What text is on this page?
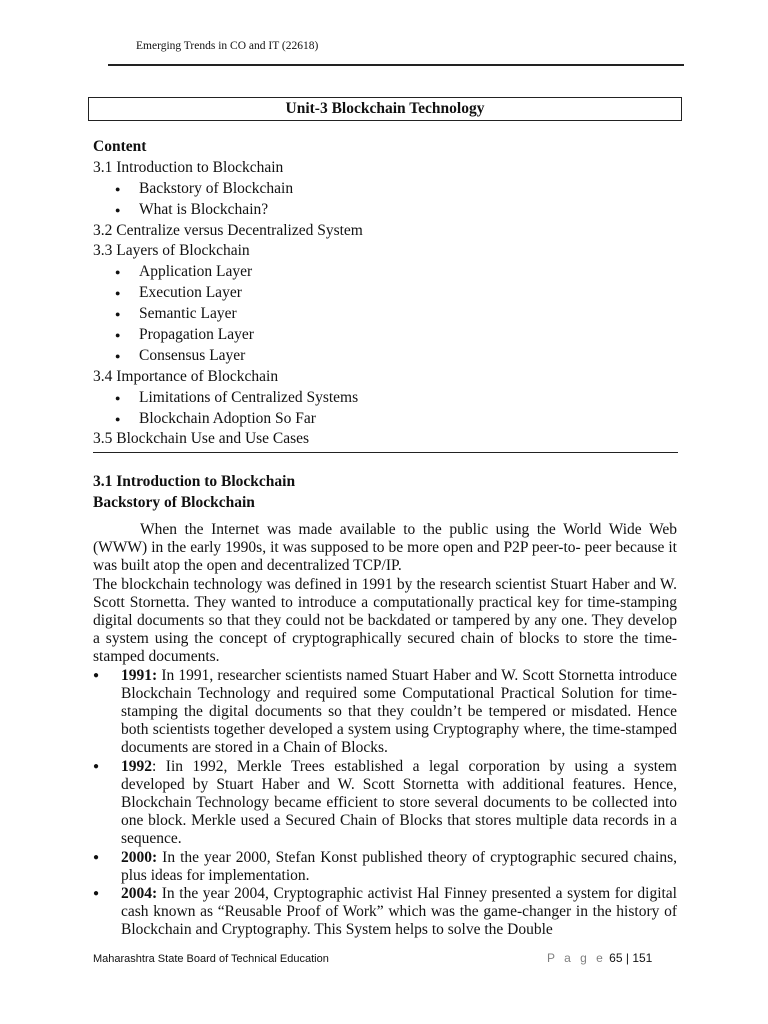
Emerging Trends in CO and IT (22618)
Unit-3 Blockchain Technology
Content
3.1 Introduction to Blockchain
● Backstory of Blockchain
● What is Blockchain?
3.2 Centralize versus Decentralized System
3.3 Layers of Blockchain
● Application Layer
● Execution Layer
● Semantic Layer
● Propagation Layer
● Consensus Layer
3.4 Importance of Blockchain
● Limitations of Centralized Systems
● Blockchain Adoption So Far
3.5 Blockchain Use and Use Cases
3.1 Introduction to Blockchain
Backstory of Blockchain

When the Internet was made available to the public using the World Wide Web (WWW) in the early 1990s, it was supposed to be more open and P2P peer-to- peer because it was built atop the open and decentralized TCP/IP.

The blockchain technology was defined in 1991 by the research scientist Stuart Haber and W. Scott Stornetta. They wanted to introduce a computationally practical key for time-stamping digital documents so that they could not be backdated or tampered by any one. They develop a system using the concept of cryptographically secured chain of blocks to store the time-stamped documents.

● 1991: In 1991, researcher scientists named Stuart Haber and W. Scott Stornetta introduce Blockchain Technology and required some Computational Practical Solution for time-stamping the digital documents so that they couldn’t be tempered or misdated. Hence both scientists together developed a system using Cryptography where, the time-stamped documents are stored in a Chain of Blocks.
● 1992: Iin 1992, Merkle Trees established a legal corporation by using a system developed by Stuart Haber and W. Scott Stornetta with additional features. Hence, Blockchain Technology became efficient to store several documents to be collected into one block. Merkle used a Secured Chain of Blocks that stores multiple data records in a sequence.
● 2000: In the year 2000, Stefan Konst published theory of cryptographic secured chains, plus ideas for implementation.
● 2004: In the year 2004, Cryptographic activist Hal Finney presented a system for digital cash known as “Reusable Proof of Work” which was the game-changer in the history of Blockchain and Cryptography. This System helps to solve the Double
Maharashtra State Board of Technical Education	P a g e 65 | 151
